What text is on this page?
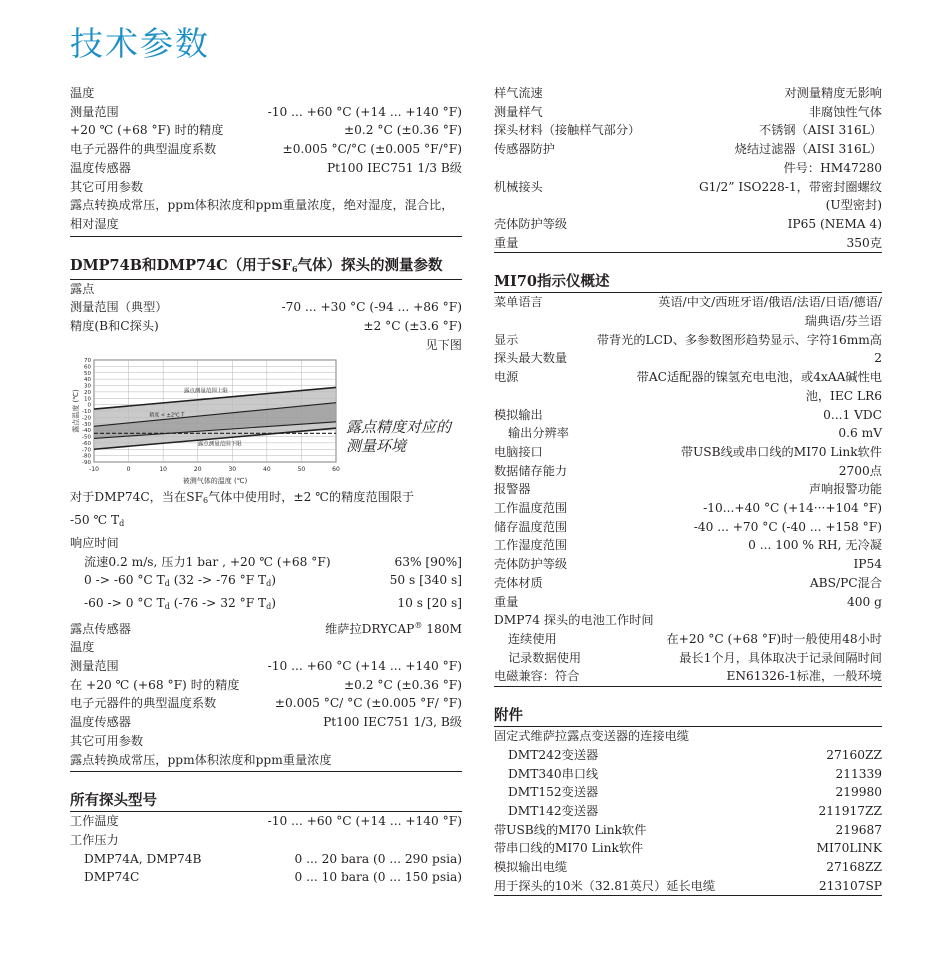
技术参数
温度
测量范围	-10 ... +60 °C (+14 ... +140 °F)
+20 ℃ (+68 °F) 时的精度	±0.2 °C (±0.36 °F)
电子元器件的典型温度系数	±0.005 °C/°C (±0.005 °F/°F)
温度传感器	Pt100 IEC751 1/3 B级
其它可用参数
露点转换成常压，ppm体积浓度和ppm重量浓度，绝对湿度，混合比，相对湿度
DMP74B和DMP74C（用于$SF_6$气体）探头的测量参数
露点
测量范围（典型）	-70 ... +30 °C (-94 ... +86 °F)
精度(B和C探头)	±2 °C (±3.6 °F)
见下图
-10	0	10	20	30	40	50	60
70
60
50
40
30
20
10
0
-10
-20
-30
-40
-50
-60
-70
-80
-90
露点测量范围上限
精度 < ±2℃ T
露点测量范围下限
被测气体的温度 (℃)
露点温度 (℃)	露点精度对应的
测量环境
对于DMP74C，当在$SF_6$气体中使用时，±2 ℃的精度范围限于
-50 ℃ $T_d$
响应时间
流速0.2 m/s, 压力1 bar , +20 ℃ (+68 °F)	63% [90%]
0 -> -60 °C $T_d$ (32 -> -76 °F $T_d$)	50 s [340 s]
-60 -> 0 °C $T_d$ (-76 -> 32 °F $T_d$)	10 s [20 s]
露点传感器	维萨拉DRYCAP® 180M
温度
测量范围	-10 ... +60 °C (+14 ... +140 °F)
在 +20 ℃ (+68 °F) 时的精度	±0.2 °C (±0.36 °F)
电子元器件的典型温度系数	±0.005 °C/ °C (±0.005 °F/ °F)
温度传感器	Pt100 IEC751 1/3, B级
其它可用参数
露点转换成常压，ppm体积浓度和ppm重量浓度
所有探头型号
工作温度	-10 ... +60 °C (+14 ... +140 °F)
工作压力
DMP74A, DMP74B	0 ... 20 bara (0 ... 290 psia)
DMP74C	0 ... 10 bara (0 ... 150 psia)
样气流速	对测量精度无影响
测量样气	非腐蚀性气体
探头材料（接触样气部分）	不锈钢（AISI 316L）
传感器防护	烧结过滤器（AISI 316L）
件号：HM47280
机械接头	G1/2” ISO228-1，带密封圈螺纹
(U型密封)
壳体防护等级	IP65 (NEMA 4)
重量	350克
MI70指示仪概述
菜单语言	英语/中文/西班牙语/俄语/法语/日语/德语/
瑞典语/芬兰语
显示	带背光的LCD、多参数图形趋势显示、字符16mm高
探头最大数量	2
电源	带AC适配器的镍氢充电电池，或4xAA碱性电
池，IEC LR6
模拟输出	0...1 VDC
输出分辨率	0.6 mV
电脑接口	带USB线或串口线的MI70 Link软件
数据储存能力	2700点
报警器	声响报警功能
工作温度范围	-10...+40 °C (+14···+104 °F)
储存温度范围	-40 ... +70 °C (-40 ... +158 °F)
工作湿度范围	0 ... 100 % RH, 无冷凝
壳体防护等级	IP54
壳体材质	ABS/PC混合
重量	400 g
DMP74 探头的电池工作时间
连续使用	在+20 °C (+68 °F)时一般使用48小时
记录数据使用	最长1个月，具体取决于记录间隔时间
电磁兼容：符合	EN61326-1标准，一般环境
附件
固定式维萨拉露点变送器的连接电缆
DMT242变送器	27160ZZ
DMT340串口线	211339
DMT152变送器	219980
DMT142变送器	211917ZZ
带USB线的MI70 Link软件	219687
带串口线的MI70 Link软件	MI70LINK
模拟输出电缆	27168ZZ
用于探头的10米（32.81英尺）延长电缆	213107SP
